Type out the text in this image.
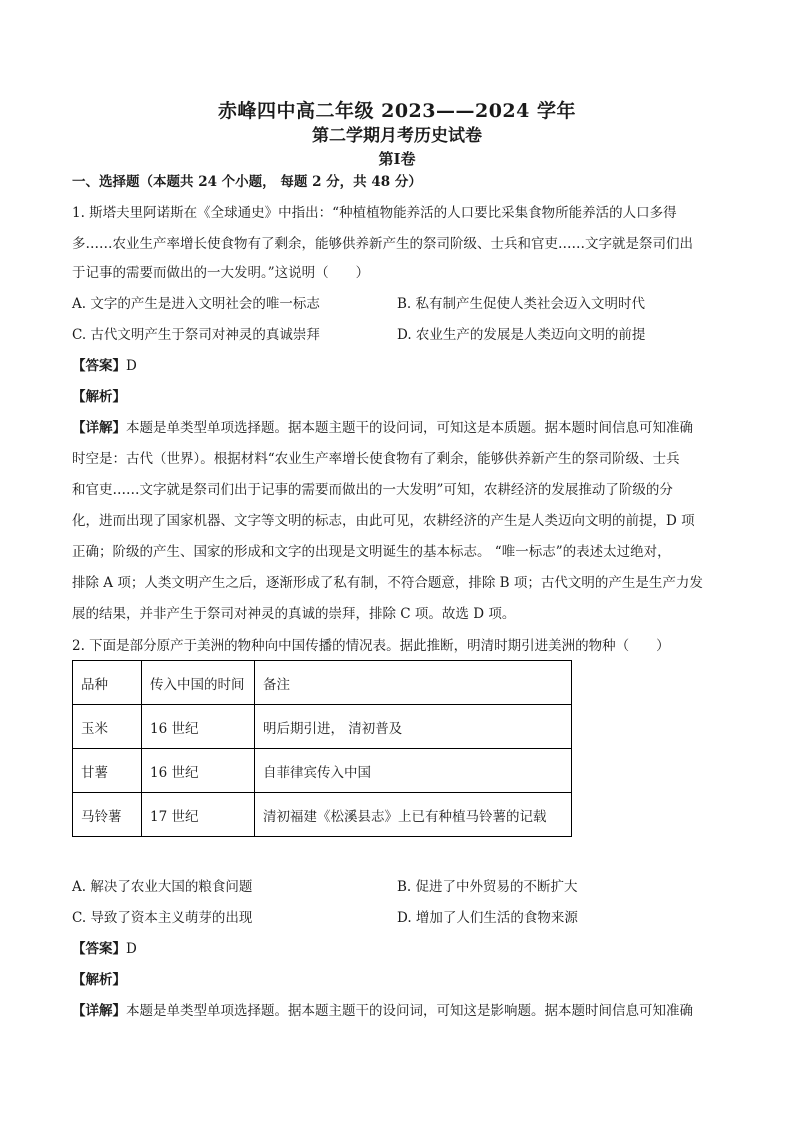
赤峰四中高二年级 2023——2024 学年
第二学期月考历史试卷
第Ⅰ卷
一、选择题（本题共 24 个小题， 每题 2 分，共 48 分）
1. 斯塔夫里阿诺斯在《全球通史》中指出：“种植植物能养活的人口要比采集食物所能养活的人口多得
多……农业生产率增长使食物有了剩余，能够供养新产生的祭司阶级、士兵和官吏……文字就是祭司们出
于记事的需要而做出的一大发明。”这说明（　　）
A. 文字的产生是进入文明社会的唯一标志	B. 私有制产生促使人类社会迈入文明时代
C. 古代文明产生于祭司对神灵的真诚崇拜	D. 农业生产的发展是人类迈向文明的前提
【答案】D
【解析】
【详解】本题是单类型单项选择题。据本题主题干的设问词，可知这是本质题。据本题时间信息可知准确
时空是：古代（世界）。根据材料“农业生产率增长使食物有了剩余，能够供养新产生的祭司阶级、士兵
和官吏……文字就是祭司们出于记事的需要而做出的一大发明”可知，农耕经济的发展推动了阶级的分
化，进而出现了国家机器、文字等文明的标志，由此可见，农耕经济的产生是人类迈向文明的前提，D 项
正确；阶级的产生、国家的形成和文字的出现是文明诞生的基本标志。 “唯一标志”的表述太过绝对，
排除 A 项；人类文明产生之后，逐渐形成了私有制，不符合题意，排除 B 项；古代文明的产生是生产力发
展的结果，并非产生于祭司对神灵的真诚的崇拜，排除 C 项。故选 D 项。
2. 下面是部分原产于美洲的物种向中国传播的情况表。据此推断，明清时期引进美洲的物种（　　）
品种	传入中国的时间	备注
玉米	16 世纪	明后期引进， 清初普及
甘薯	16 世纪	自菲律宾传入中国
马铃薯	17 世纪	清初福建《松溪县志》上已有种植马铃薯的记载
A. 解决了农业大国的粮食问题	B. 促进了中外贸易的不断扩大
C. 导致了资本主义萌芽的出现	D. 增加了人们生活的食物来源
【答案】D
【解析】
【详解】本题是单类型单项选择题。据本题主题干的设问词，可知这是影响题。据本题时间信息可知准确
